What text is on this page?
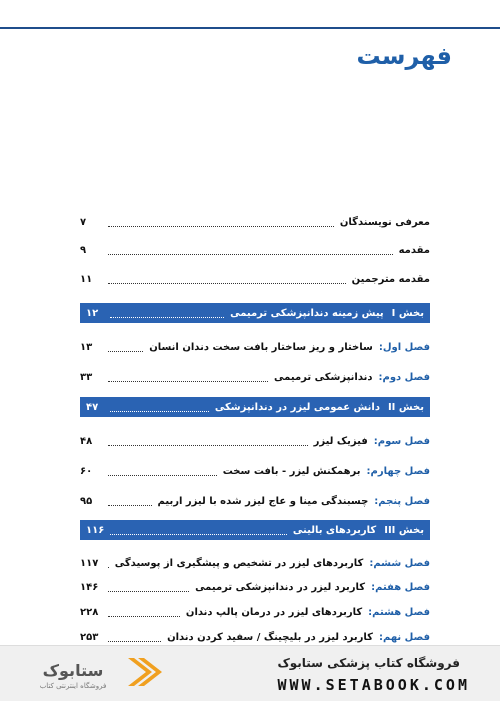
فهرست
معرفی نویسندگان
۷
مقدمه
۹
مقدمه مترجمین
۱۱
بخش I
پیش زمینه دندانپزشکی ترمیمی
۱۲
فصل اول:
ساختار و ریز ساختار بافت سخت دندان انسان
۱۳
فصل دوم:
دندانپزشکی ترمیمی
۳۳
بخش II
دانش عمومی لیزر در دندانپزشکی
۴۷
فصل سوم:
فیزیک لیزر
۴۸
فصل چهارم:
برهمکنش لیزر - بافت سخت
۶۰
فصل پنجم:
چسبندگی مینا و عاج لیزر شده با لیزر اربیم
۹۵
بخش III
کاربردهای بالینی
۱۱۶
فصل ششم:
کاربردهای لیزر در تشخیص و پیشگیری از پوسیدگی
۱۱۷
فصل هفتم:
کاربرد لیزر در دندانپزشکی ترمیمی
۱۴۶
فصل هشتم:
کاربردهای لیزر در درمان پالپ دندان
۲۲۸
فصل نهم:
کاربرد لیزر در بلیچینگ / سفید کردن دندان
۲۵۳
ستابوک
فروشگاه اینترنتی کتاب
فروشگاه کتاب پزشکی ستابوک
WWW.SETABOOK.COM
